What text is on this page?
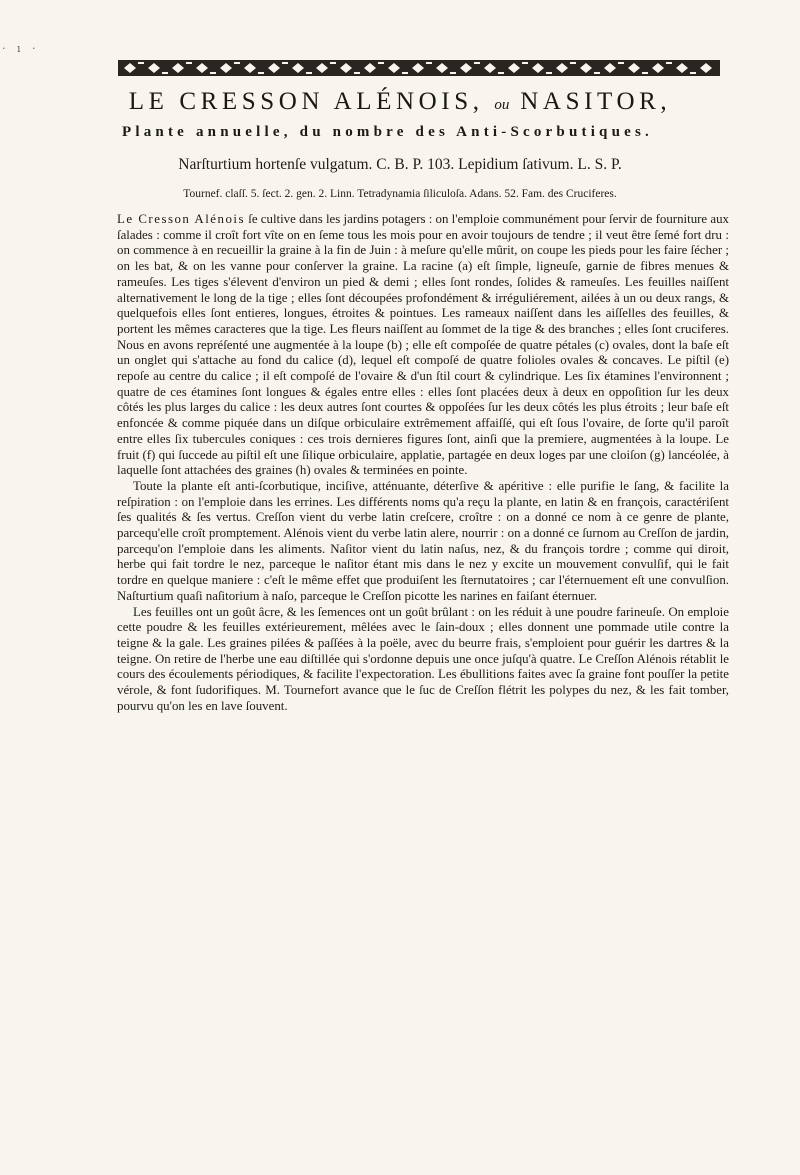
· ı ·
LE CRESSON ALÉNOIS, ou NASITOR,
Plante annuelle, du nombre des Anti-Scorbutiques.
Narſturtium hortenſe vulgatum. C. B. P. 103. Lepidium ſativum. L. S. P.
Tournef. claſſ. 5. ſect. 2. gen. 2. Linn. Tetradynamia ſiliculoſa. Adans. 52. Fam. des Cruciferes.

Le Cresson Alénois ſe cultive dans les jardins potagers : on l'emploie communément pour ſervir de fourniture aux ſalades : comme il croît fort vîte on en ſeme tous les mois pour en avoir toujours de tendre ; il veut être ſemé fort dru : on commence à en recueillir la graine à la fin de Juin : à meſure qu'elle mûrit, on coupe les pieds pour les faire ſécher ; on les bat, & on les vanne pour conſerver la graine. La racine (a) eſt ſimple, ligneuſe, garnie de fibres menues & rameuſes. Les tiges s'élevent d'environ un pied & demi ; elles ſont rondes, ſolides & rameuſes. Les feuilles naiſſent alternativement le long de la tige ; elles ſont découpées profondément & irréguliérement, ailées à un ou deux rangs, & quelquefois elles ſont entieres, longues, étroites & pointues. Les rameaux naiſſent dans les aiſſelles des feuilles, & portent les mêmes caracteres que la tige. Les fleurs naiſſent au ſommet de la tige & des branches ; elles ſont cruciferes. Nous en avons repréſenté une augmentée à la loupe (b) ; elle eſt compoſée de quatre pétales (c) ovales, dont la baſe eſt un onglet qui s'attache au fond du calice (d), lequel eſt compoſé de quatre folioles ovales & concaves. Le piſtil (e) repoſe au centre du calice ; il eſt compoſé de l'ovaire & d'un ſtil court & cylindrique. Les ſix étamines l'environnent ; quatre de ces étamines ſont longues & égales entre elles : elles ſont placées deux à deux en oppoſition ſur les deux côtés les plus larges du calice : les deux autres ſont courtes & oppoſées ſur les deux côtés les plus étroits ; leur baſe eſt enfoncée & comme piquée dans un diſque orbiculaire extrêmement affaiſſé, qui eſt ſous l'ovaire, de ſorte qu'il paroît entre elles ſix tubercules coniques : ces trois dernieres figures ſont, ainſi que la premiere, augmentées à la loupe. Le fruit (f) qui ſuccede au piſtil eſt une ſilique orbiculaire, applatie, partagée en deux loges par une cloiſon (g) lancéolée, à laquelle ſont attachées des graines (h) ovales & terminées en pointe.

Toute la plante eſt anti-ſcorbutique, inciſive, atténuante, déterſive & apéritive : elle purifie le ſang, & facilite la reſpiration : on l'emploie dans les errines. Les différents noms qu'a reçu la plante, en latin & en françois, caractériſent ſes qualités & ſes vertus. Creſſon vient du verbe latin creſcere, croître : on a donné ce nom à ce genre de plante, parcequ'elle croît promptement. Alénois vient du verbe latin alere, nourrir : on a donné ce ſurnom au Creſſon de jardin, parcequ'on l'emploie dans les aliments. Naſitor vient du latin naſus, nez, & du françois tordre ; comme qui diroit, herbe qui fait tordre le nez, parceque le naſitor étant mis dans le nez y excite un mouvement convulſif, qui le fait tordre en quelque maniere : c'eſt le même effet que produiſent les ſternutatoires ; car l'éternuement eſt une convulſion. Naſturtium quaſi naſitorium à naſo, parceque le Creſſon picotte les narines en faiſant éternuer.

Les feuilles ont un goût âcre, & les ſemences ont un goût brûlant : on les réduit à une poudre farineuſe. On emploie cette poudre & les feuilles extérieurement, mêlées avec le ſain-doux ; elles donnent une pommade utile contre la teigne & la gale. Les graines pilées & paſſées à la poële, avec du beurre frais, s'emploient pour guérir les dartres & la teigne. On retire de l'herbe une eau diſtillée qui s'ordonne depuis une once juſqu'à quatre. Le Creſſon Alénois rétablit le cours des écoulements périodiques, & facilite l'expectoration. Les ébullitions faites avec ſa graine font pouſſer la petite vérole, & font ſudorifiques. M. Tournefort avance que le ſuc de Creſſon flétrit les polypes du nez, & les fait tomber, pourvu qu'on les en lave ſouvent.
